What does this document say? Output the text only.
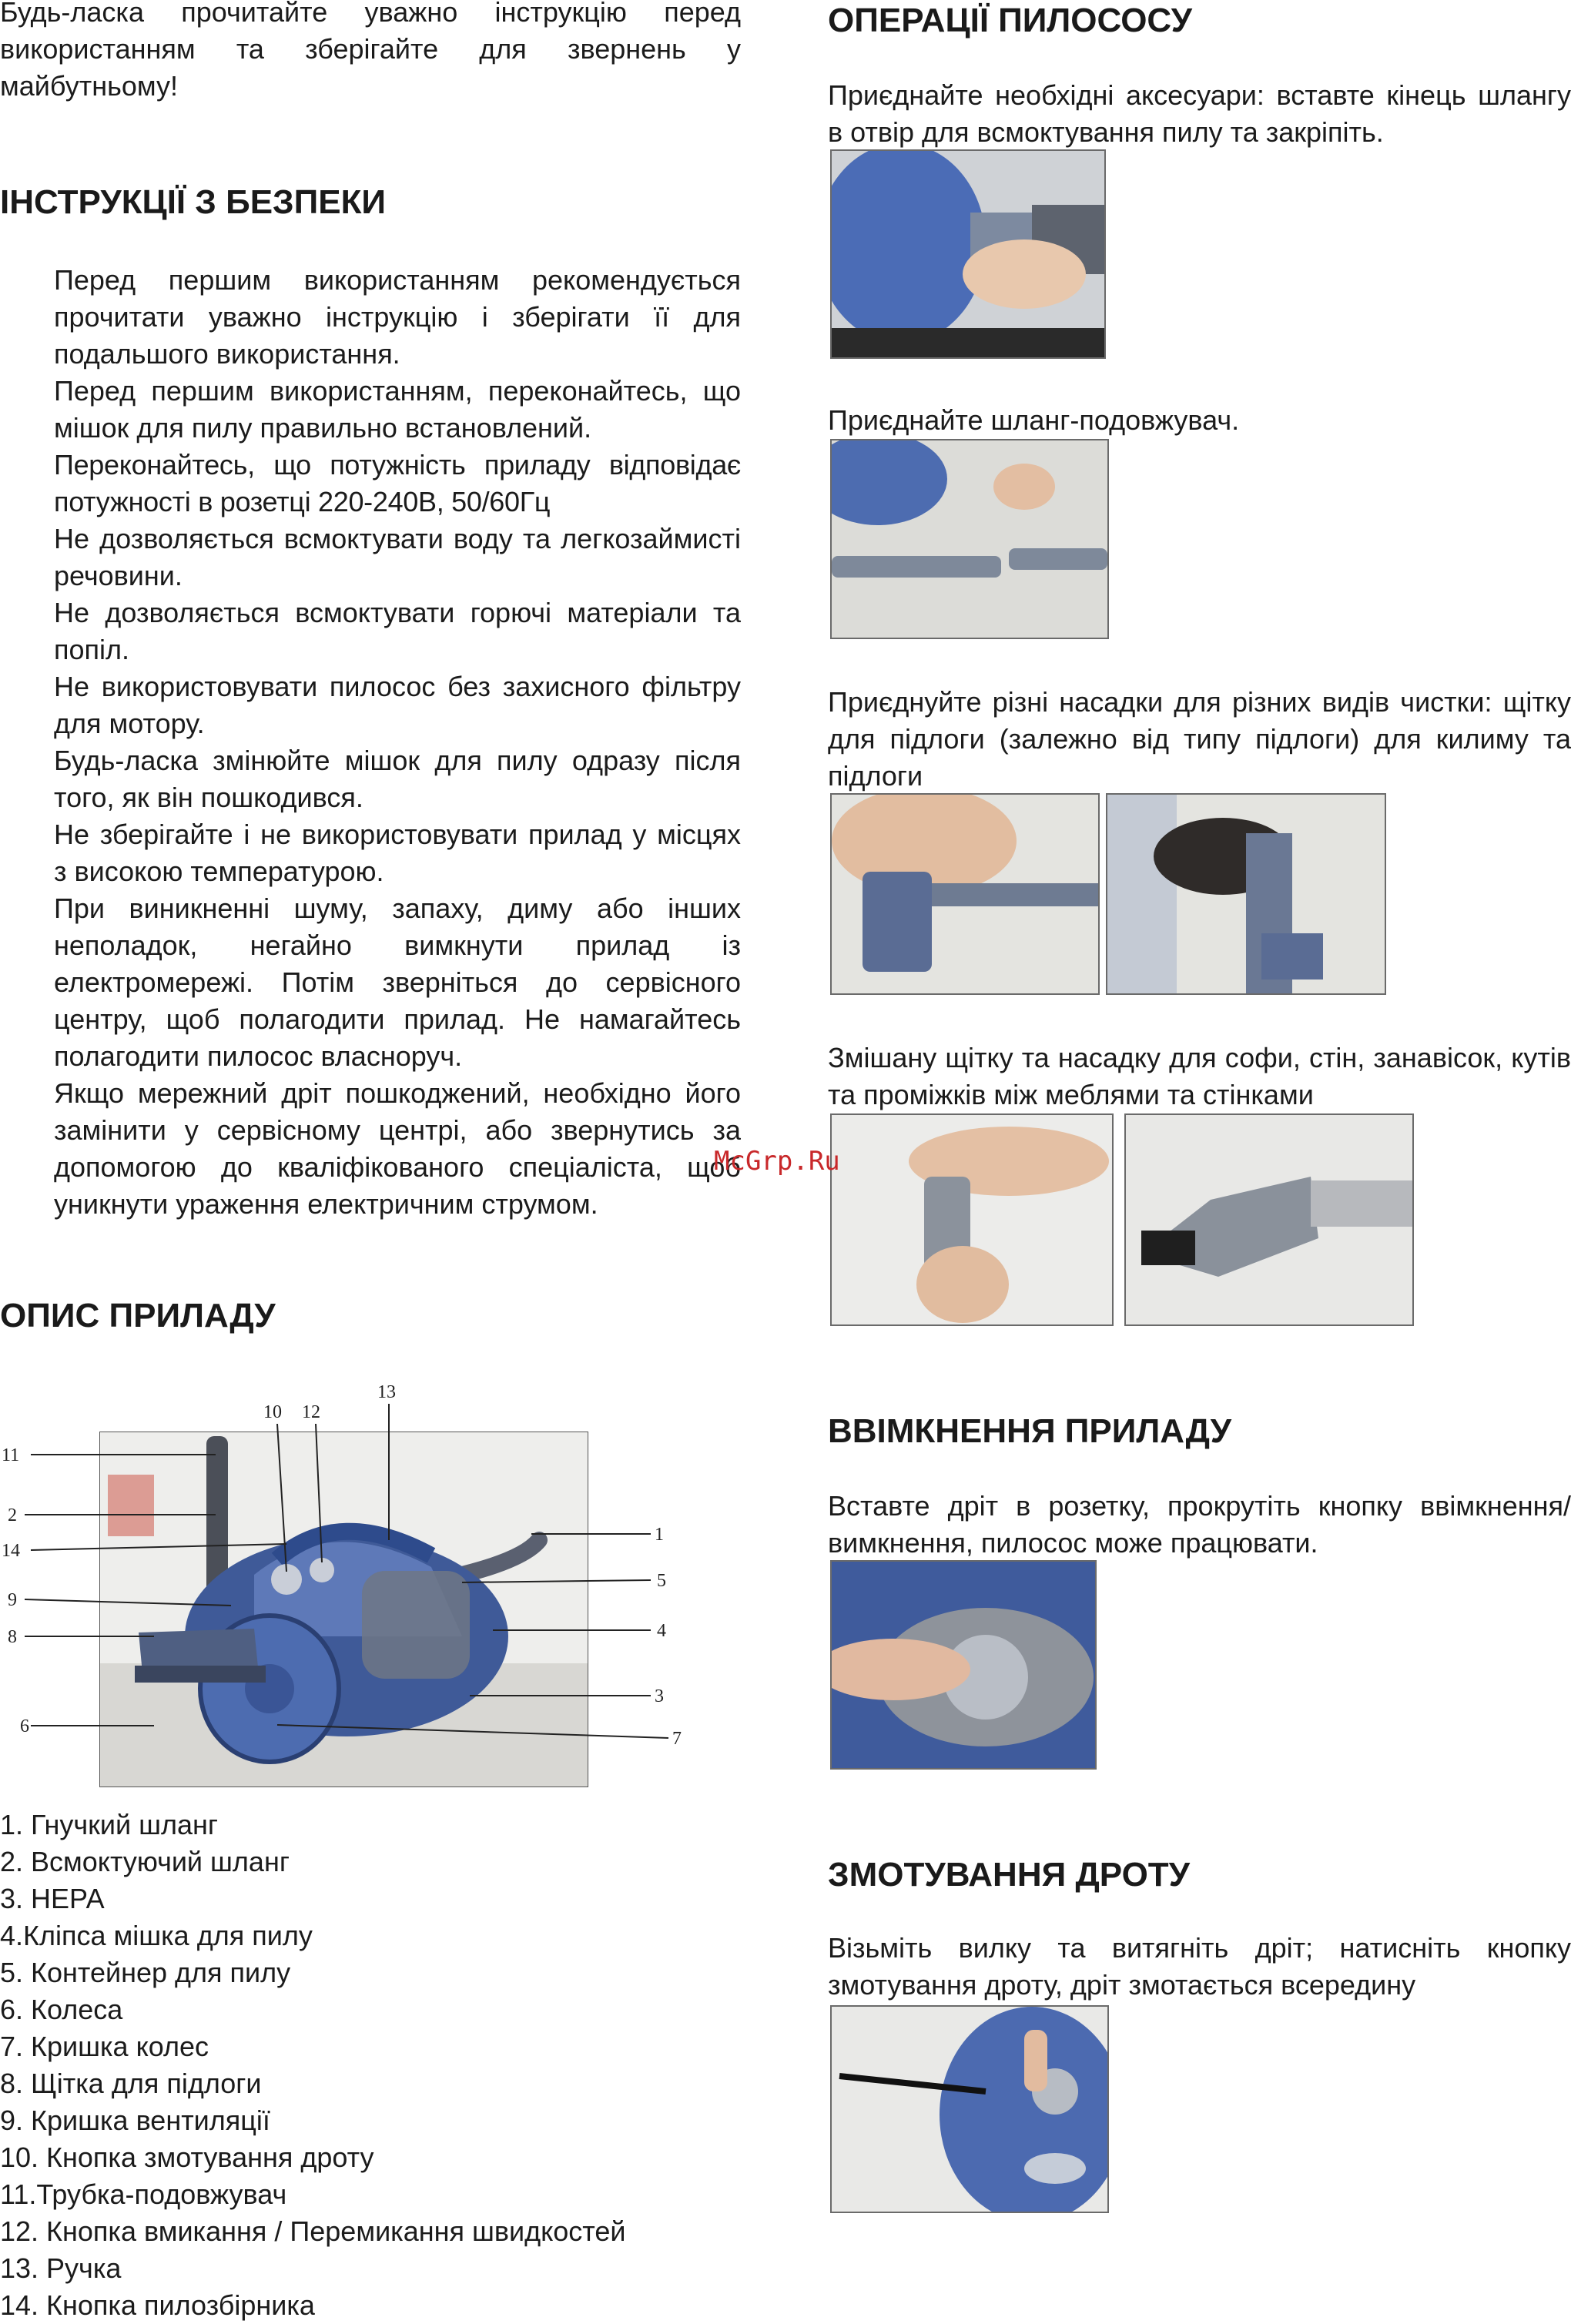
Будь-ласка прочитайте уважно інструкцію перед використанням та зберігайте для звернень у майбутньому!

ІНСТРУКЦІЇ З БЕЗПЕКИ

Перед першим використанням рекомендується прочитати уважно інструкцію і зберігати її для подальшого використання.

Перед першим використанням, переконайтесь, що мішок для пилу правильно встановлений.

Переконайтесь, що потужність приладу відповідає потужності в розетці 220-240В, 50/60Гц

Не дозволяється всмоктувати воду та легкозаймисті речовини.

Не дозволяється всмоктувати горючі матеріали та попіл.

Не використовувати пилосос без захисного фільтру для мотору.

Будь-ласка змінюйте мішок для пилу одразу після того, як він пошкодився.

Не зберігайте і не використовувати прилад у місцях з високою температурою.

При виникненні шуму, запаху, диму або інших неполадок, негайно вимкнути прилад із електромережі. Потім зверніться до сервісного центру, щоб полагодити прилад. Не намагайтесь полагодити пилосос власноруч.

Якщо мережний дріт пошкоджений, необхідно його замінити у сервісному центрі, або звернутись за допомогою до кваліфікованого спеціаліста, щоб уникнути ураження електричним струмом.

ОПИС ПРИЛАДУ
11
2
14
9
8
6
10 12
13
1
5
4
3
7
1. Гнучкий шланг
2. Всмоктуючий шланг
3. НЕРА
4.Кліпса мішка для пилу
5. Контейнер для пилу
6. Колеса
7. Кришка колес
8. Щітка для підлоги
9. Кришка вентиляції
10. Кнопка змотування дроту
11.Трубка-подовжувач
12. Кнопка вмикання / Перемикання швидкостей
13. Ручка
14. Кнопка пилозбірника
ОПЕРАЦІЇ ПИЛОСОСУ

Приєднайте необхідні аксесуари: вставте кінець шлангу в отвір для всмоктування пилу та закріпіть.

Приєднайте шланг-подовжувач.

Приєднуйте різні насадки для різних видів чистки: щітку для підлоги (залежно від типу підлоги) для килиму та підлоги

Змішану щітку та насадку для софи, стін, занавісок, кутів та проміжків між меблями та стінками

ВВІМКНЕННЯ ПРИЛАДУ

Вставте дріт в розетку, прокрутіть кнопку ввімкнення/вимкнення, пилосос може працювати.

ЗМОТУВАННЯ ДРОТУ

Візьміть вилку та витягніть дріт; натисніть кнопку змотування дроту, дріт змотається всередину

McGrp.Ru
